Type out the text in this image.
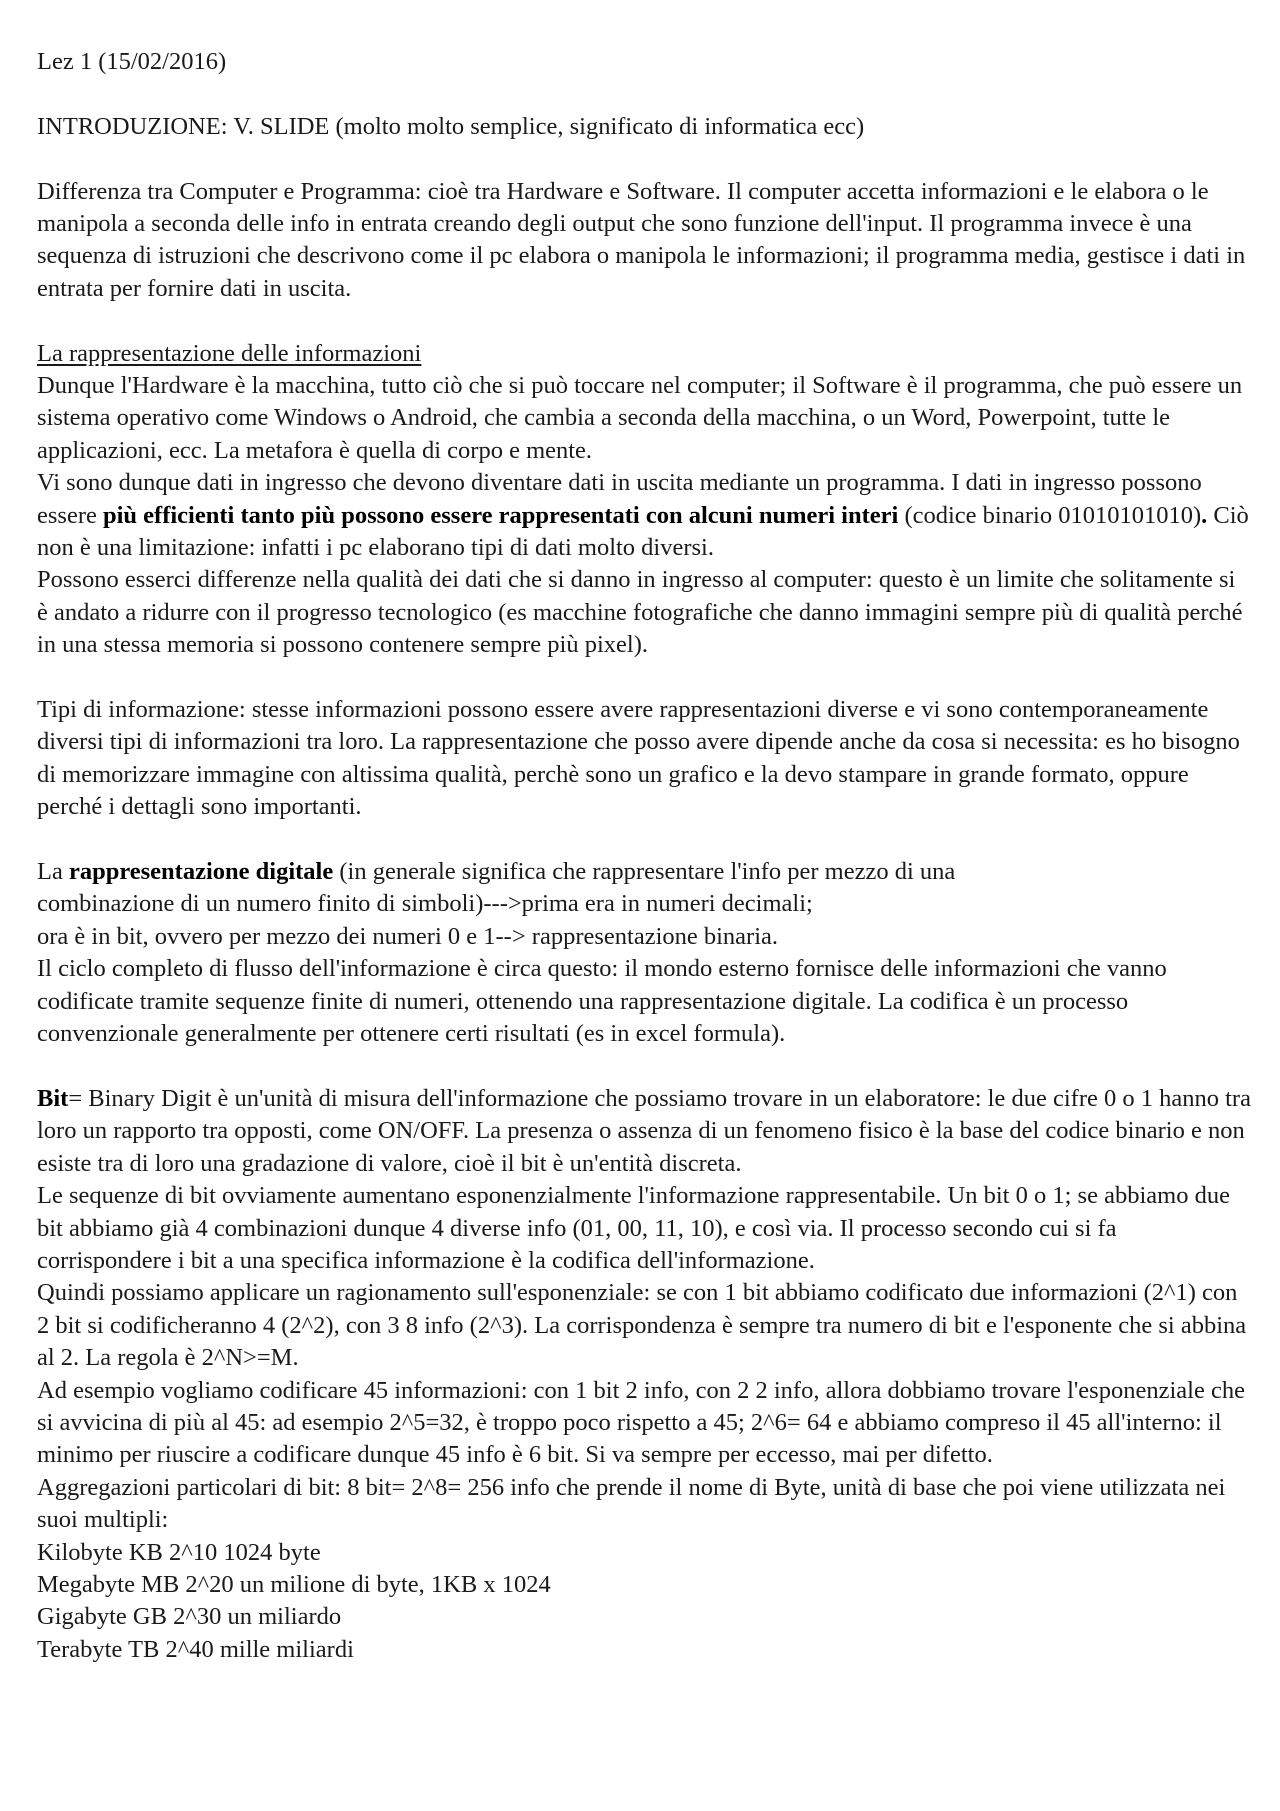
Lez 1 (15/02/2016)

INTRODUZIONE: V. SLIDE (molto molto semplice, significato di informatica ecc)

Differenza tra Computer e Programma: cioè tra Hardware e Software. Il computer accetta informazioni e le elabora o le manipola a seconda delle info in entrata creando degli output che sono funzione dell'input. Il programma invece è una sequenza di istruzioni che descrivono come il pc elabora o manipola le informazioni; il programma media, gestisce i dati in entrata per fornire dati in uscita.

La rappresentazione delle informazioni

Dunque l'Hardware è la macchina, tutto ciò che si può toccare nel computer; il Software è il programma, che può essere un sistema operativo come Windows o Android, che cambia a seconda della macchina, o un Word, Powerpoint, tutte le applicazioni, ecc. La metafora è quella di corpo e mente.

Vi sono dunque dati in ingresso che devono diventare dati in uscita mediante un programma. I dati in ingresso possono essere più efficienti tanto più possono essere rappresentati con alcuni numeri interi (codice binario 01010101010). Ciò non è una limitazione: infatti i pc elaborano tipi di dati molto diversi.

Possono esserci differenze nella qualità dei dati che si danno in ingresso al computer: questo è un limite che solitamente si è andato a ridurre con il progresso tecnologico (es macchine fotografiche che danno immagini sempre più di qualità perché in una stessa memoria si possono contenere sempre più pixel).

Tipi di informazione: stesse informazioni possono essere avere rappresentazioni diverse e vi sono contemporaneamente diversi tipi di informazioni tra loro. La rappresentazione che posso avere dipende anche da cosa si necessita: es ho bisogno di memorizzare immagine con altissima qualità, perchè sono un grafico e la devo stampare in grande formato, oppure perché i dettagli sono importanti.

La rappresentazione digitale (in generale significa che rappresentare l'info per mezzo di una

combinazione di un numero finito di simboli)--->prima era in numeri decimali;

ora è in bit, ovvero per mezzo dei numeri 0 e 1--> rappresentazione binaria.

Il ciclo completo di flusso dell'informazione è circa questo: il mondo esterno fornisce delle informazioni che vanno codificate tramite sequenze finite di numeri, ottenendo una rappresentazione digitale. La codifica è un processo convenzionale generalmente per ottenere certi risultati (es in excel formula).

Bit= Binary Digit è un'unità di misura dell'informazione che possiamo trovare in un elaboratore: le due cifre 0 o 1 hanno tra loro un rapporto tra opposti, come ON/OFF. La presenza o assenza di un fenomeno fisico è la base del codice binario e non esiste tra di loro una gradazione di valore, cioè il bit è un'entità discreta.

Le sequenze di bit ovviamente aumentano esponenzialmente l'informazione rappresentabile. Un bit 0 o 1; se abbiamo due bit abbiamo già 4 combinazioni dunque 4 diverse info (01, 00, 11, 10), e così via. Il processo secondo cui si fa corrispondere i bit a una specifica informazione è la codifica dell'informazione.

Quindi possiamo applicare un ragionamento sull'esponenziale: se con 1 bit abbiamo codificato due informazioni (2^1) con 2 bit si codificheranno 4 (2^2), con 3 8 info (2^3). La corrispondenza è sempre tra numero di bit e l'esponente che si abbina al 2. La regola è 2^N>=M.

Ad esempio vogliamo codificare 45 informazioni: con 1 bit 2 info, con 2 2 info, allora dobbiamo trovare l'esponenziale che si avvicina di più al 45: ad esempio 2^5=32, è troppo poco rispetto a 45; 2^6= 64 e abbiamo compreso il 45 all'interno: il minimo per riuscire a codificare dunque 45 info è 6 bit. Si va sempre per eccesso, mai per difetto.

Aggregazioni particolari di bit: 8 bit= 2^8= 256 info che prende il nome di Byte, unità di base che poi viene utilizzata nei suoi multipli:

Kilobyte KB 2^10 1024 byte

Megabyte MB 2^20 un milione di byte, 1KB x 1024

Gigabyte GB 2^30 un miliardo

Terabyte TB 2^40 mille miliardi
